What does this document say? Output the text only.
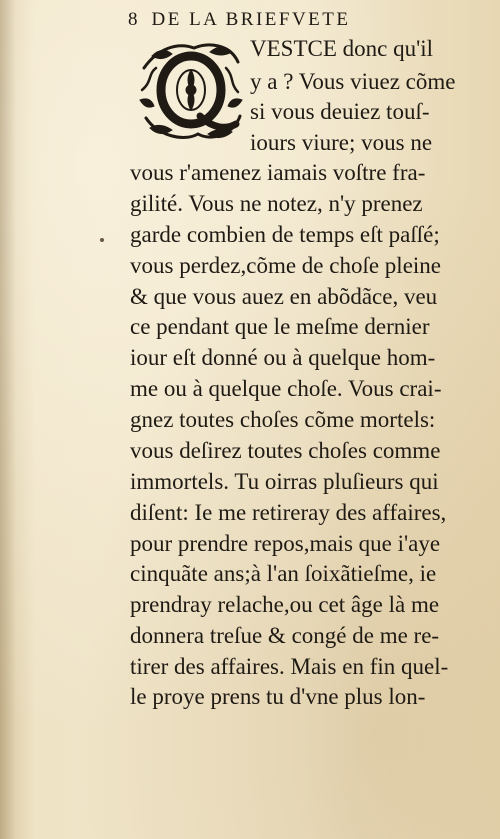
8 DE LA BRIEFVETE
VESTCE donc qu'il
y a ? Vous viuez cõme
si vous deuiez touſ-
iours viure; vous ne
vous r'amenez iamais voſtre fra-
gilité. Vous ne notez, n'y prenez
garde combien de temps eſt paſſé;
vous perdez,cõme de choſe pleine
& que vous auez en abõdãce, veu
ce pendant que le meſme dernier
iour eſt donné ou à quelque hom-
me ou à quelque choſe. Vous crai-
gnez toutes choſes cõme mortels:
vous deſirez toutes choſes comme
immortels. Tu oirras pluſieurs qui
diſent: Ie me retireray des affaires,
pour prendre repos,mais que i'aye
cinquãte ans;à l'an ſoixãtieſme, ie
prendray relache,ou cet âge là me
donnera treſue & congé de me re-
tirer des affaires. Mais en fin quel-
le proye prens tu d'vne plus lon-
